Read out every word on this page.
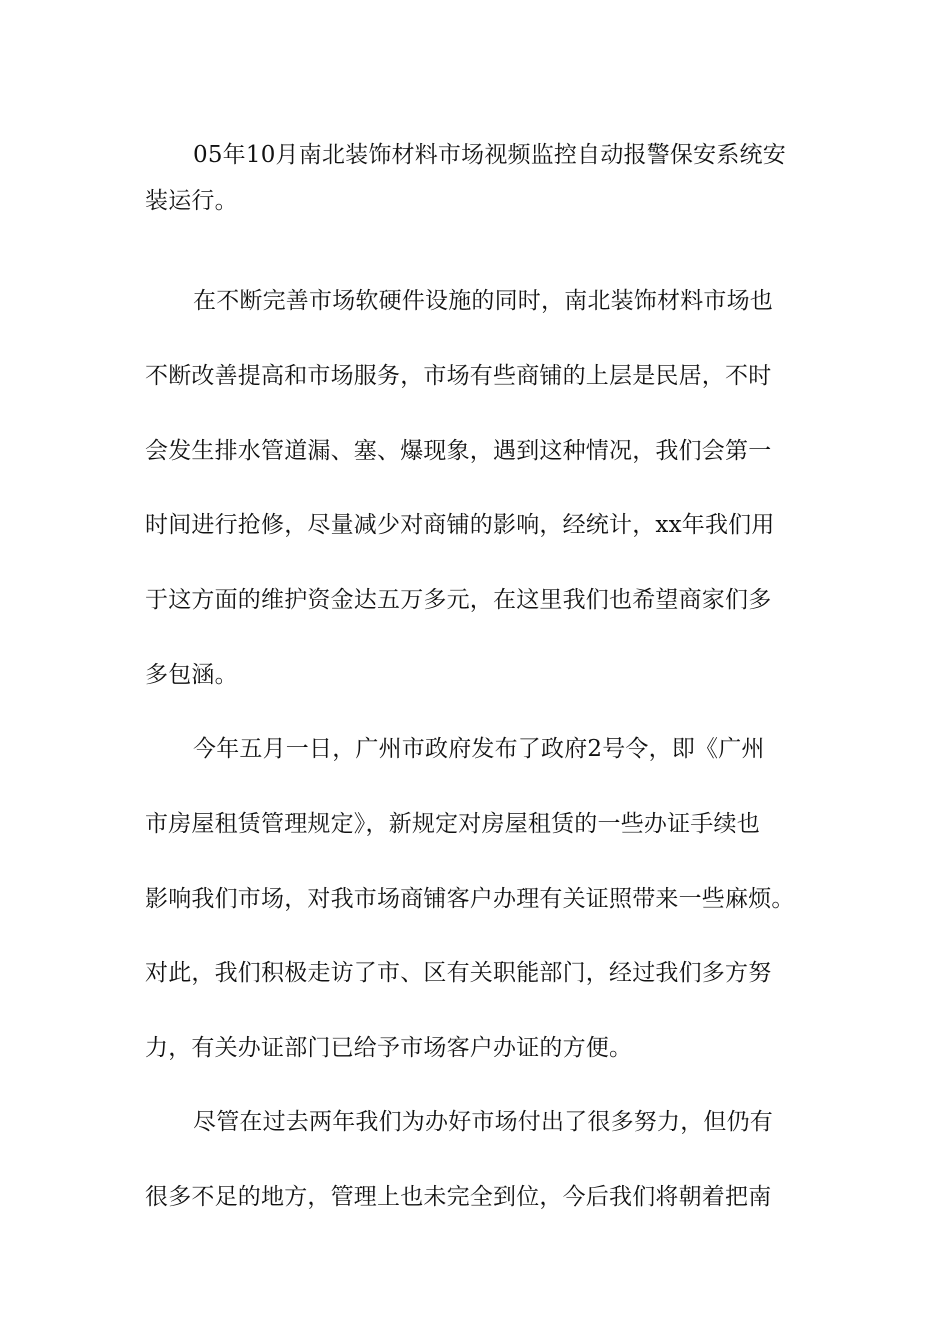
05年10月南北装饰材料市场视频监控自动报警保安系统安
装运行。
在不断完善市场软硬件设施的同时，南北装饰材料市场也
不断改善提高和市场服务，市场有些商铺的上层是民居，不时
会发生排水管道漏、塞、爆现象，遇到这种情况，我们会第一
时间进行抢修，尽量减少对商铺的影响，经统计，xx年我们用
于这方面的维护资金达五万多元，在这里我们也希望商家们多
多包涵。
今年五月一日，广州市政府发布了政府2号令，即《广州
市房屋租赁管理规定》，新规定对房屋租赁的一些办证手续也
影响我们市场，对我市场商铺客户办理有关证照带来一些麻烦。
对此，我们积极走访了市、区有关职能部门，经过我们多方努
力，有关办证部门已给予市场客户办证的方便。
尽管在过去两年我们为办好市场付出了很多努力，但仍有
很多不足的地方，管理上也未完全到位，今后我们将朝着把南
